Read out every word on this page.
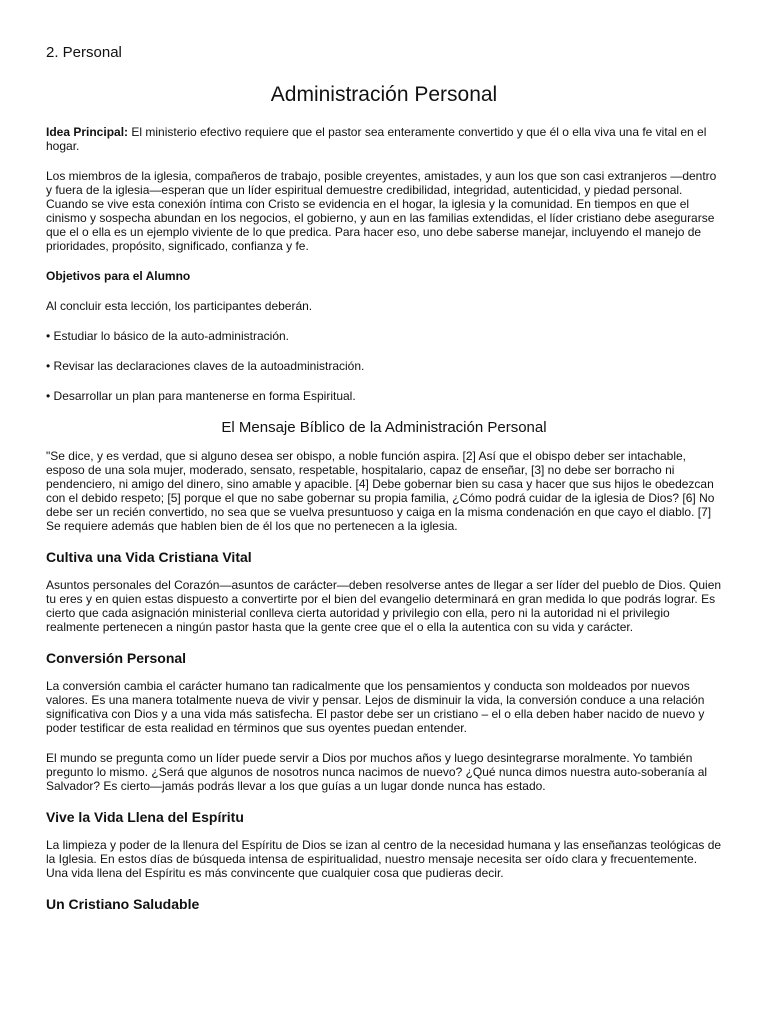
2. Personal
Administración Personal

Idea Principal: El ministerio efectivo requiere que el pastor sea enteramente convertido y que él o ella viva una fe vital en el hogar.

Los miembros de la iglesia, compañeros de trabajo, posible creyentes, amistades, y aun los que son casi extranjeros —dentro y fuera de la iglesia—esperan que un líder espiritual demuestre credibilidad, integridad, autenticidad, y piedad personal. Cuando se vive esta conexión íntima con Cristo se evidencia en el hogar, la iglesia y la comunidad. En tiempos en que el cinismo y sospecha abundan en los negocios, el gobierno, y aun en las familias extendidas, el líder cristiano debe asegurarse que el o ella es un ejemplo viviente de lo que predica. Para hacer eso, uno debe saberse manejar, incluyendo el manejo de prioridades, propósito, significado, confianza y fe.

Objetivos para el Alumno

Al concluir esta lección, los participantes deberán.

• Estudiar lo básico de la auto-administración.

• Revisar las declaraciones claves de la autoadministración.

• Desarrollar un plan para mantenerse en forma Espiritual.

El Mensaje Bíblico de la Administración Personal

"Se dice, y es verdad, que si alguno desea ser obispo, a noble función aspira. [2] Así que el obispo deber ser intachable, esposo de una sola mujer, moderado, sensato, respetable, hospitalario, capaz de enseñar, [3] no debe ser borracho ni pendenciero, ni amigo del dinero, sino amable y apacible. [4] Debe gobernar bien su casa y hacer que sus hijos le obedezcan con el debido respeto; [5] porque el que no sabe gobernar su propia familia, ¿Cómo podrá cuidar de la iglesia de Dios? [6] No debe ser un recién convertido, no sea que se vuelva presuntuoso y caiga en la misma condenación en que cayo el diablo. [7] Se requiere además que hablen bien de él los que no pertenecen a la iglesia.

Cultiva una Vida Cristiana Vital

Asuntos personales del Corazón—asuntos de carácter—deben resolverse antes de llegar a ser líder del pueblo de Dios. Quien tu eres y en quien estas dispuesto a convertirte por el bien del evangelio determinará en gran medida lo que podrás lograr. Es cierto que cada asignación ministerial conlleva cierta autoridad y privilegio con ella, pero ni la autoridad ni el privilegio realmente pertenecen a ningún pastor hasta que la gente cree que el o ella la autentica con su vida y carácter.

Conversión Personal

La conversión cambia el carácter humano tan radicalmente que los pensamientos y conducta son moldeados por nuevos valores. Es una manera totalmente nueva de vivir y pensar. Lejos de disminuir la vida, la conversión conduce a una relación significativa con Dios y a una vida más satisfecha. El pastor debe ser un cristiano – el o ella deben haber nacido de nuevo y poder testificar de esta realidad en términos que sus oyentes puedan entender.

El mundo se pregunta como un líder puede servir a Dios por muchos años y luego desintegrarse moralmente. Yo también pregunto lo mismo. ¿Será que algunos de nosotros nunca nacimos de nuevo? ¿Qué nunca dimos nuestra auto-soberanía al Salvador? Es cierto—jamás podrás llevar a los que guías a un lugar donde nunca has estado.

Vive la Vida Llena del Espíritu

La limpieza y poder de la llenura del Espíritu de Dios se izan al centro de la necesidad humana y las enseñanzas teológicas de la Iglesia. En estos días de búsqueda intensa de espiritualidad, nuestro mensaje necesita ser oído clara y frecuentemente. Una vida llena del Espíritu es más convincente que cualquier cosa que pudieras decir.

Un Cristiano Saludable
